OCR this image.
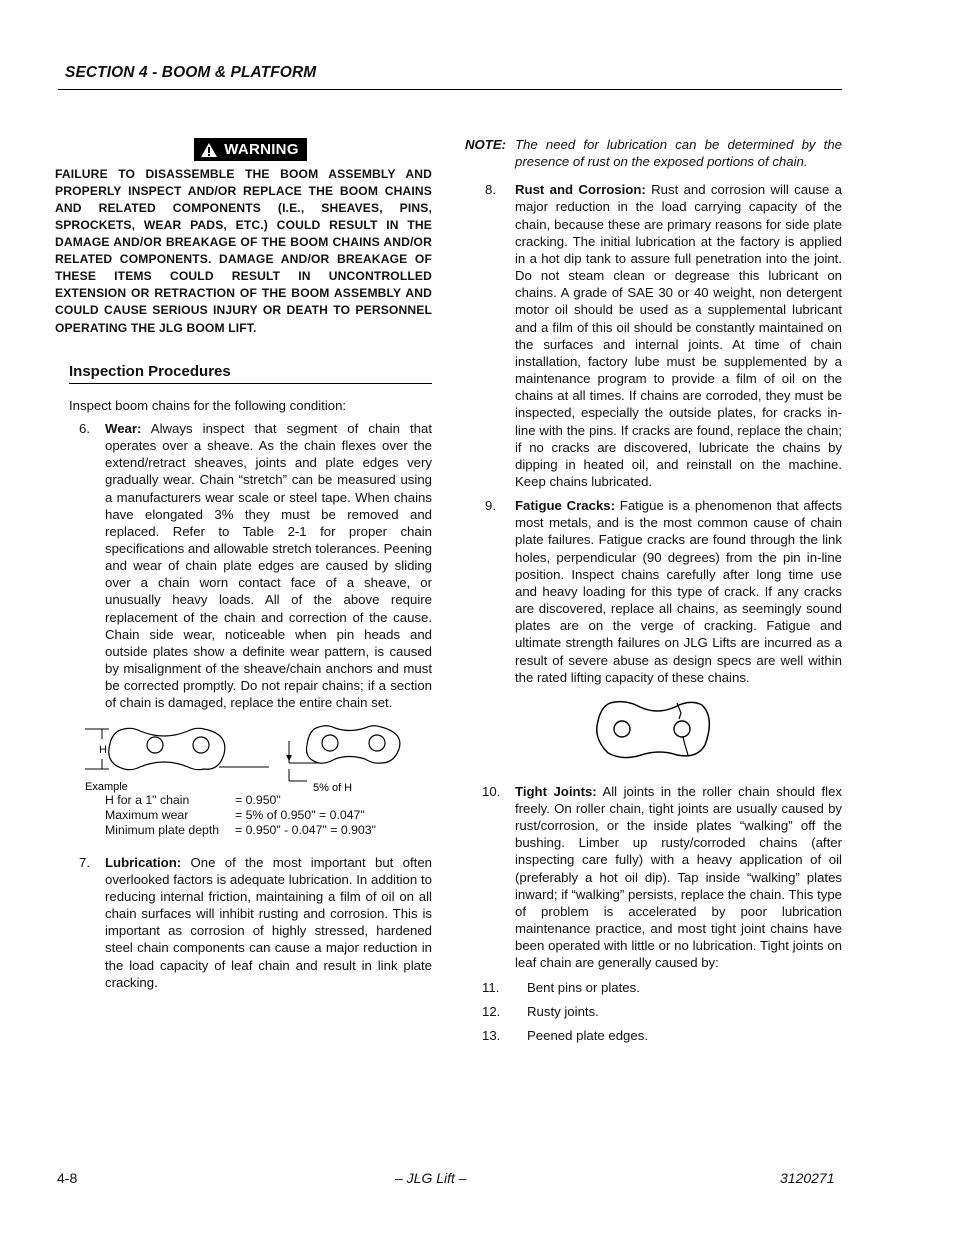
SECTION 4 - BOOM & PLATFORM
WARNING
FAILURE TO DISASSEMBLE THE BOOM ASSEMBLY AND PROPERLY INSPECT AND/OR REPLACE THE BOOM CHAINS AND RELATED COMPONENTS (I.E., SHEAVES, PINS, SPROCKETS, WEAR PADS, ETC.) COULD RESULT IN THE DAMAGE AND/OR BREAKAGE OF THE BOOM CHAINS AND/OR RELATED COMPONENTS. DAMAGE AND/OR BREAKAGE OF THESE ITEMS COULD RESULT IN UNCONTROLLED EXTENSION OR RETRACTION OF THE BOOM ASSEMBLY AND COULD CAUSE SERIOUS INJURY OR DEATH TO PERSONNEL OPERATING THE JLG BOOM LIFT.
Inspection Procedures
Inspect boom chains for the following condition:
6.	Wear: Always inspect that segment of chain that operates over a sheave. As the chain flexes over the extend/retract sheaves, joints and plate edges very gradually wear. Chain “stretch” can be measured using a manufacturers wear scale or steel tape. When chains have elongated 3% they must be removed and replaced. Refer to Table 2-1 for proper chain specifications and allowable stretch tolerances. Peening and wear of chain plate edges are caused by sliding over a chain worn contact face of a sheave, or unusually heavy loads. All of the above require replacement of the chain and correction of the cause. Chain side wear, noticeable when pin heads and outside plates show a definite wear pattern, is caused by misalignment of the sheave/chain anchors and must be corrected promptly. Do not repair chains; if a section of chain is damaged, replace the entire chain set.
H
5% of H
Example
H for a 1" chain	= 0.950"
Maximum wear	= 5% of 0.950" = 0.047"
Minimum plate depth	= 0.950" - 0.047" = 0.903"
7.	Lubrication: One of the most important but often overlooked factors is adequate lubrication. In addition to reducing internal friction, maintaining a film of oil on all chain surfaces will inhibit rusting and corrosion. This is important as corrosion of highly stressed, hardened steel chain components can cause a major reduction in the load capacity of leaf chain and result in link plate cracking.
NOTE: The need for lubrication can be determined by the presence of rust on the exposed portions of chain.
8.	Rust and Corrosion: Rust and corrosion will cause a major reduction in the load carrying capacity of the chain, because these are primary reasons for side plate cracking. The initial lubrication at the factory is applied in a hot dip tank to assure full penetration into the joint. Do not steam clean or degrease this lubricant on chains. A grade of SAE 30 or 40 weight, non detergent motor oil should be used as a supplemental lubricant and a film of this oil should be constantly maintained on the surfaces and internal joints. At time of chain installation, factory lube must be supplemented by a maintenance program to provide a film of oil on the chains at all times. If chains are corroded, they must be inspected, especially the outside plates, for cracks in-line with the pins. If cracks are found, replace the chain; if no cracks are discovered, lubricate the chains by dipping in heated oil, and reinstall on the machine. Keep chains lubricated.
9.	Fatigue Cracks: Fatigue is a phenomenon that affects most metals, and is the most common cause of chain plate failures. Fatigue cracks are found through the link holes, perpendicular (90 degrees) from the pin in-line position. Inspect chains carefully after long time use and heavy loading for this type of crack. If any cracks are discovered, replace all chains, as seemingly sound plates are on the verge of cracking. Fatigue and ultimate strength failures on JLG Lifts are incurred as a result of severe abuse as design specs are well within the rated lifting capacity of these chains.
10.	Tight Joints: All joints in the roller chain should flex freely. On roller chain, tight joints are usually caused by rust/corrosion, or the inside plates “walking” off the bushing. Limber up rusty/corroded chains (after inspecting care fully) with a heavy application of oil (preferably a hot oil dip). Tap inside “walking” plates inward; if “walking” persists, replace the chain. This type of problem is accelerated by poor lubrication maintenance practice, and most tight joint chains have been operated with little or no lubrication. Tight joints on leaf chain are generally caused by:
11.	Bent pins or plates.
12.	Rusty joints.
13.	Peened plate edges.
4-8	– JLG Lift –	3120271
